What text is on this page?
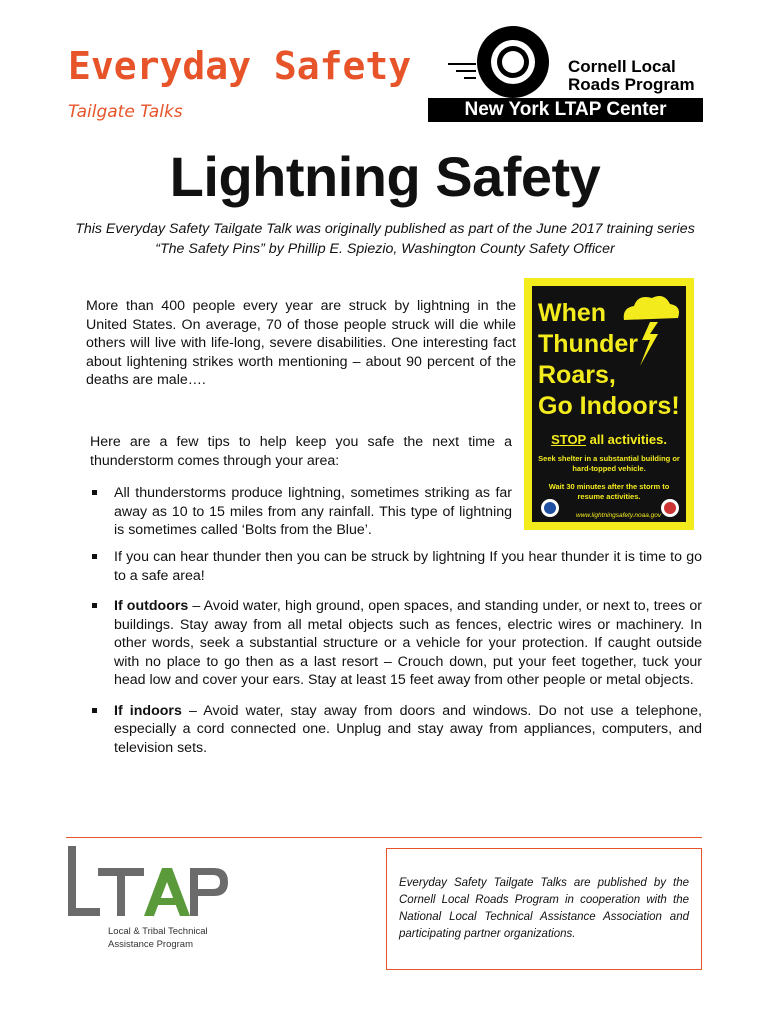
Everyday Safety
Tailgate Talks
Cornell Local
Roads Program
New York LTAP Center
Lightning Safety
This Everyday Safety Tailgate Talk was originally published as part of the June 2017 training series “The Safety Pins” by Phillip E. Spiezio, Washington County Safety Officer

More than 400 people every year are struck by lightning in the United States. On average, 70 of those people struck will die while others will live with life-long, severe disabilities. One interesting fact about lightening strikes worth mentioning – about 90 percent of the deaths are male….

Here are a few tips to help keep you safe the next time a thunderstorm comes through your area:

All thunderstorms produce lightning, sometimes striking as far away as 10 to 15 miles from any rainfall. This type of lightning is sometimes called ‘Bolts from the Blue’.
If you can hear thunder then you can be struck by lightning If you hear thunder it is time to go to a safe area!
If outdoors – Avoid water, high ground, open spaces, and standing under, or next to, trees or buildings. Stay away from all metal objects such as fences, electric wires or machinery. In other words, seek a substantial structure or a vehicle for your protection. If caught outside with no place to go then as a last resort – Crouch down, put your feet together, tuck your head low and cover your ears. Stay at least 15 feet away from other people or metal objects.
If indoors – Avoid water, stay away from doors and windows. Do not use a telephone, especially a cord connected one. Unplug and stay away from appliances, computers, and television sets.
When
Thunder
Roars,
Go Indoors!
STOP all activities.
Seek shelter in a substantial building or hard-topped vehicle.
Wait 30 minutes after the storm to resume activities.
www.lightningsafety.noaa.gov
Local & Tribal Technical
Assistance Program
Everyday Safety Tailgate Talks are published by the Cornell Local Roads Program in cooperation with the National Local Technical Assistance Association and participating partner organizations.
